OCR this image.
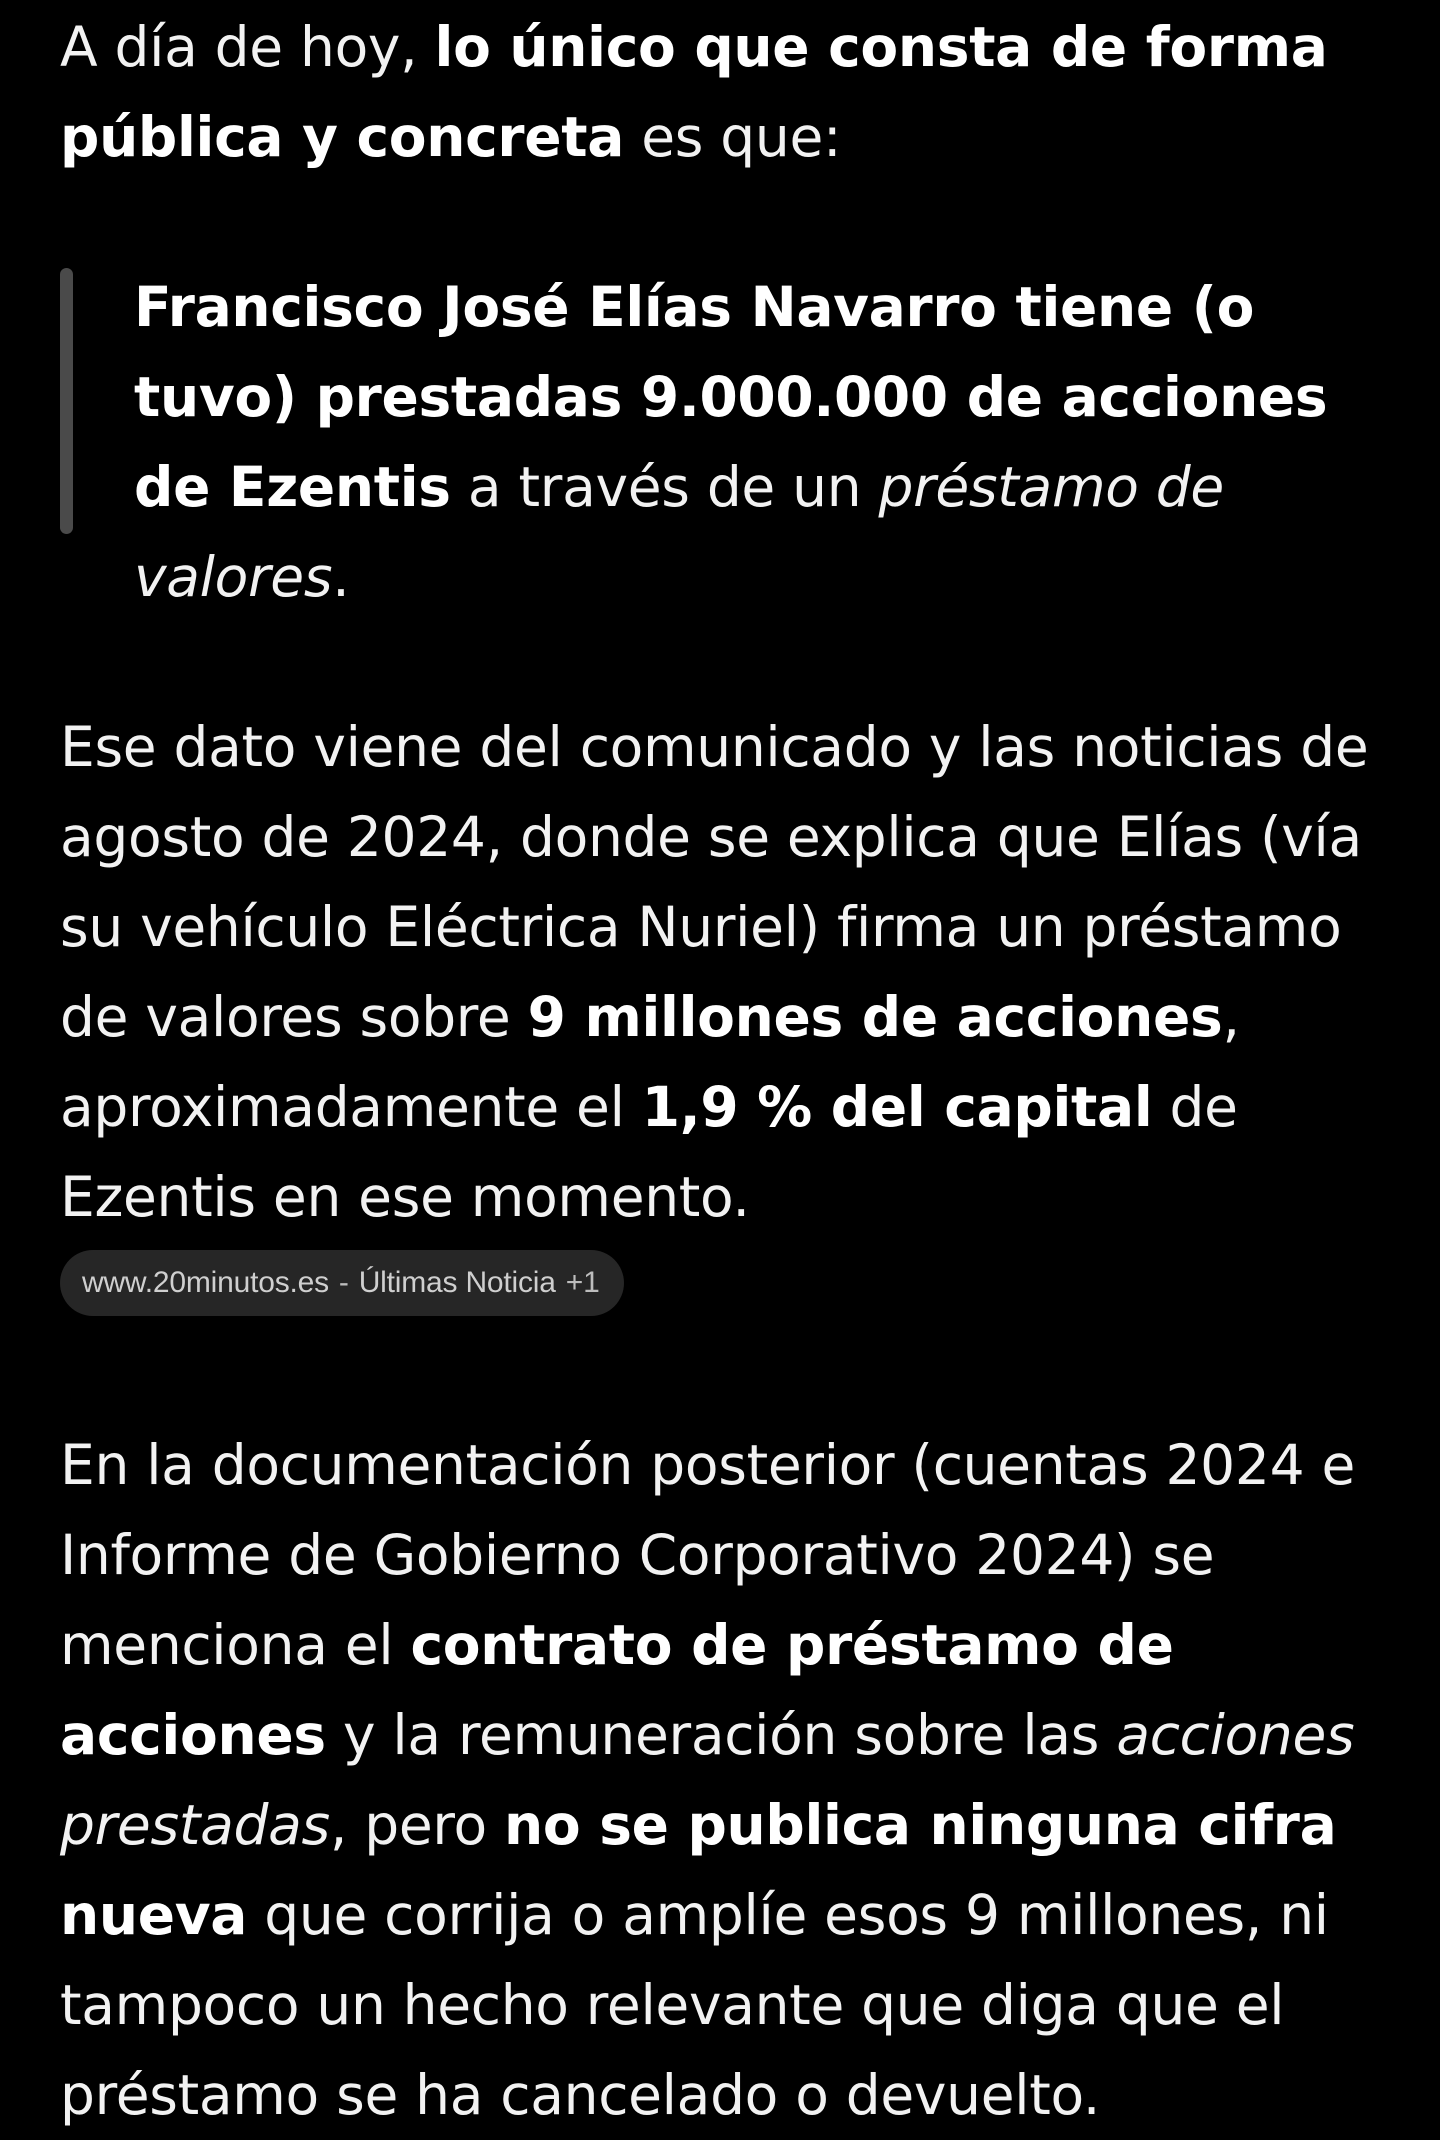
A día de hoy, lo único que consta de forma pública y concreta es que:

Francisco José Elías Navarro tiene (o tuvo) prestadas 9.000.000 de acciones de Ezentis a través de un préstamo de valores.

Ese dato viene del comunicado y las noticias de agosto de 2024, donde se explica que Elías (vía su vehículo Eléctrica Nuriel) firma un préstamo de valores sobre 9 millones de acciones, aproximadamente el 1,9 % del capital de Ezentis en ese momento.

www.20minutos.es - Últimas Noticia +1

En la documentación posterior (cuentas 2024 e Informe de Gobierno Corporativo 2024) se menciona el contrato de préstamo de acciones y la remuneración sobre las acciones prestadas, pero no se publica ninguna cifra nueva que corrija o amplíe esos 9 millones, ni tampoco un hecho relevante que diga que el préstamo se ha cancelado o devuelto.
